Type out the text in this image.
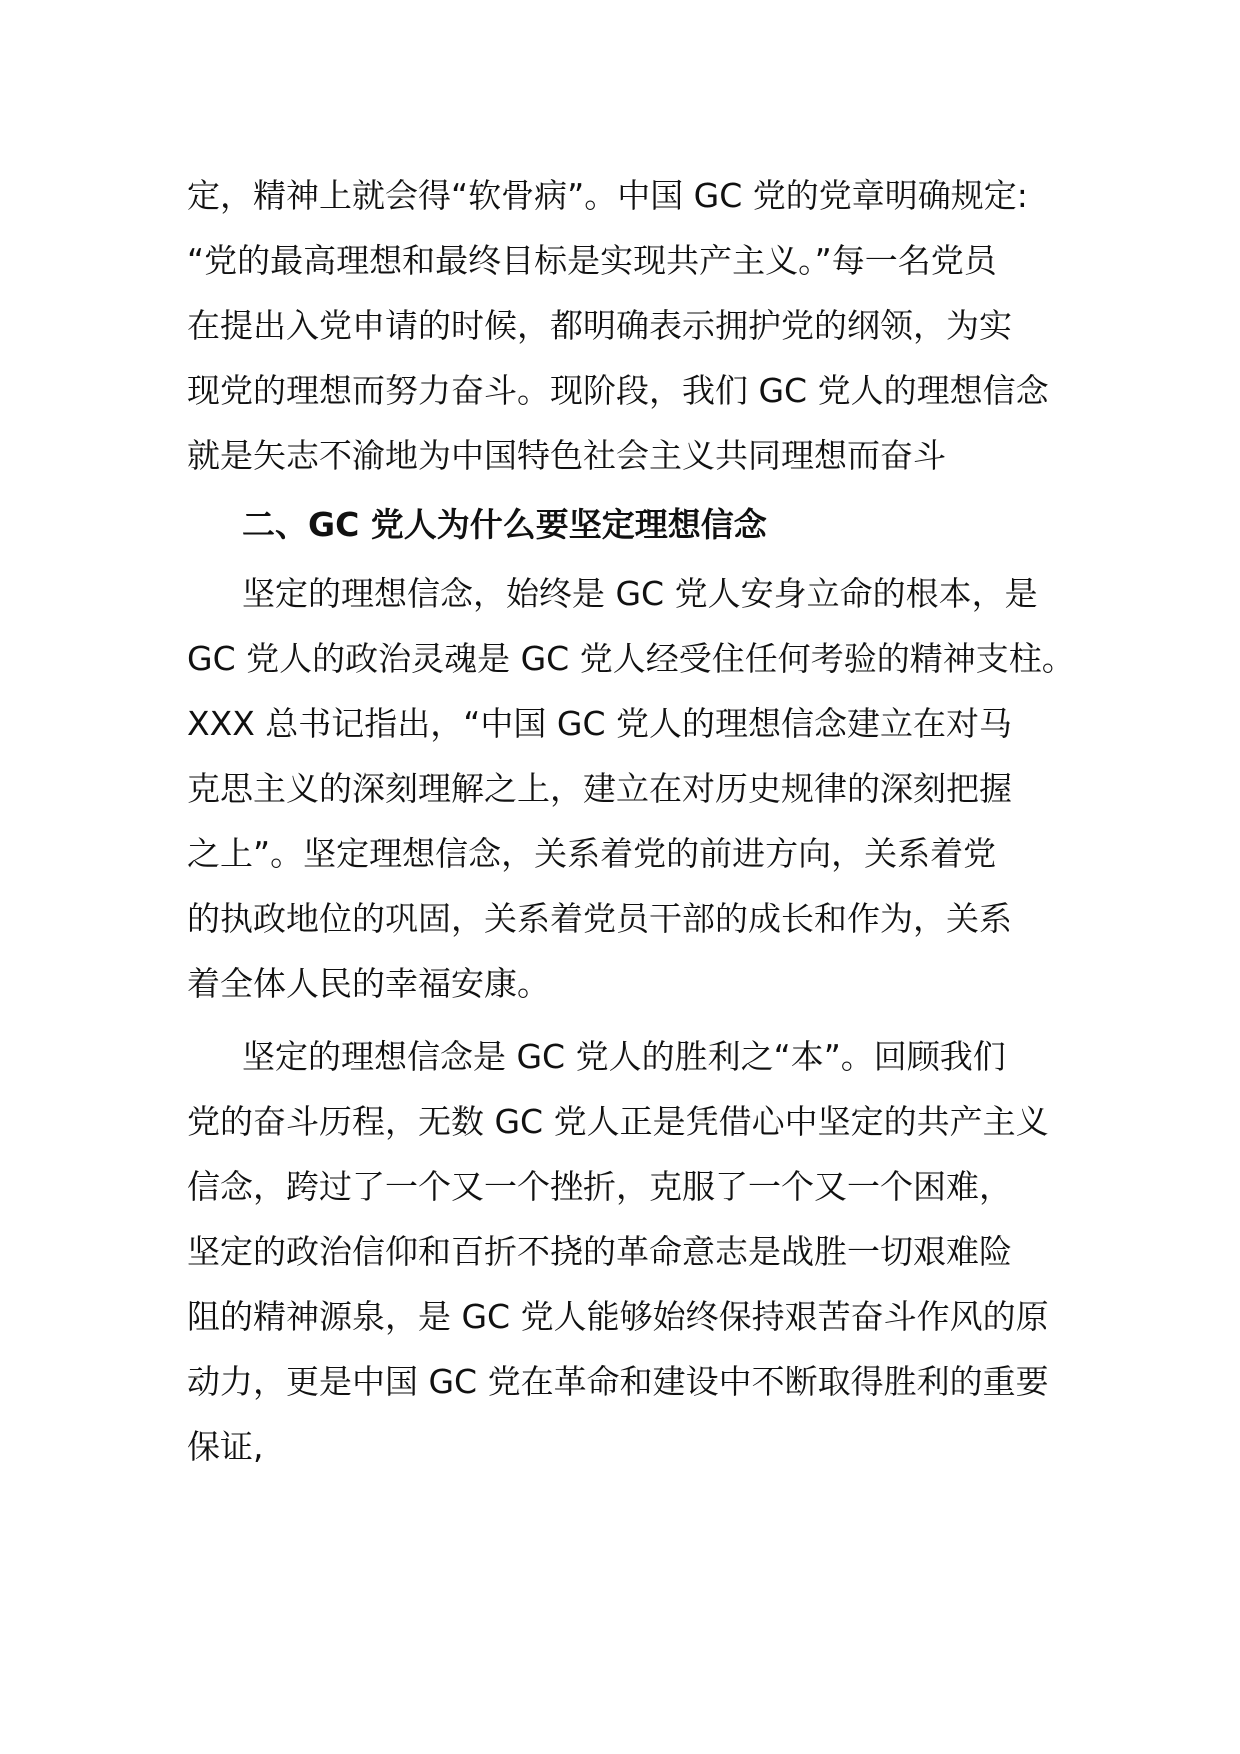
定，精神上就会得“软骨病”。中国 GC 党的党章明确规定:
“党的最高理想和最终目标是实现共产主义。”每一名党员
在提出入党申请的时候，都明确表示拥护党的纲领，为实
现党的理想而努力奋斗。现阶段，我们 GC 党人的理想信念
就是矢志不渝地为中国特色社会主义共同理想而奋斗
二、GC 党人为什么要坚定理想信念
坚定的理想信念，始终是 GC 党人安身立命的根本，是
GC 党人的政治灵魂是 GC 党人经受住任何考验的精神支柱。
XXX 总书记指出，“中国 GC 党人的理想信念建立在对马
克思主义的深刻理解之上，建立在对历史规律的深刻把握
之上”。坚定理想信念，关系着党的前进方向，关系着党
的执政地位的巩固，关系着党员干部的成长和作为，关系
着全体人民的幸福安康。
坚定的理想信念是 GC 党人的胜利之“本”。回顾我们
党的奋斗历程，无数 GC 党人正是凭借心中坚定的共产主义
信念，跨过了一个又一个挫折，克服了一个又一个困难，
坚定的政治信仰和百折不挠的革命意志是战胜一切艰难险
阻的精神源泉，是 GC 党人能够始终保持艰苦奋斗作风的原
动力，更是中国 GC 党在革命和建设中不断取得胜利的重要
保证,
